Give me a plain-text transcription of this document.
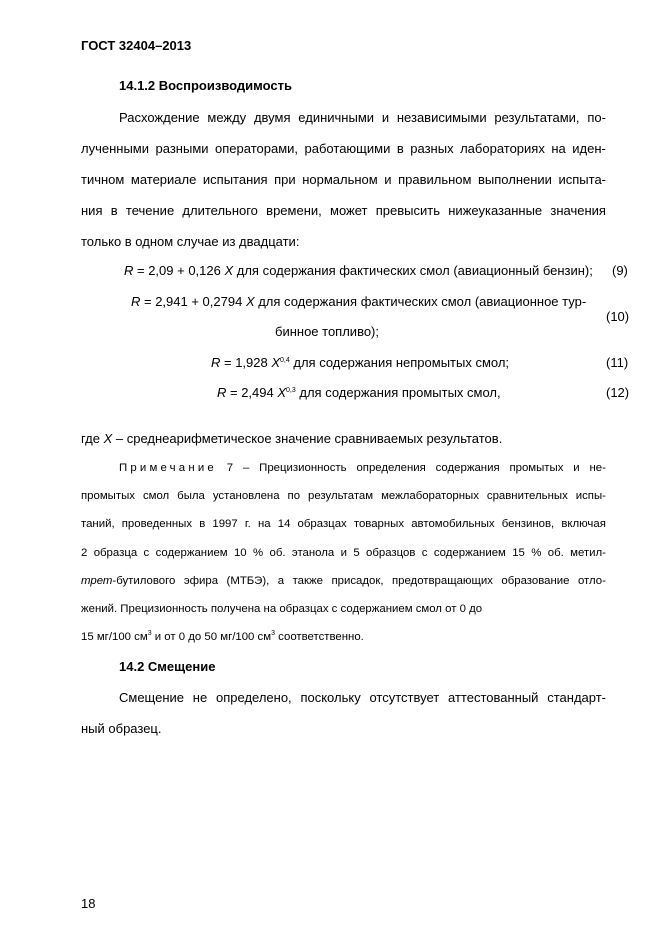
ГОСТ 32404–2013
14.1.2 Воспроизводимость
Расхождение между двумя единичными и независимыми результатами, по-
лученными разными операторами, работающими в разных лабораториях на иден-
тичном материале испытания при нормальном и правильном выполнении испыта-
ния в течение длительного времени, может превысить нижеуказанные значения
только в одном случае из двадцати:
R = 2,09 + 0,126 X для содержания фактических смол (авиационный бензин); (9)
R = 2,941 + 0,2794 X для содержания фактических смол (авиационное тур-
бинное топливо);
(10)
R = 1,928 X$^{0,4}$ для содержания непромытых смол;	(11)
R = 2,494 X$^{0,3}$ для содержания промытых смол,	(12)
где X – среднеарифметическое значение сравниваемых результатов.
Примечание 7 – Прецизионность определения содержания промытых и не-
промытых смол была установлена по результатам межлабораторных сравнительных испы-
таний, проведенных в 1997 г. на 14 образцах товарных автомобильных бензинов, включая
2 образца с содержанием 10 % об. этанола и 5 образцов с содержанием 15 % об. метил-
трет-бутилового эфира (МТБЭ), а также присадок, предотвращающих образование отло-
жений. Прецизионность получена на образцах с содержанием смол от 0 до
15 мг/100 $см^3$ и от 0 до 50 мг/100 $см^3$ соответственно.
14.2 Смещение
Смещение не определено, поскольку отсутствует аттестованный стандарт-
ный образец.
18
